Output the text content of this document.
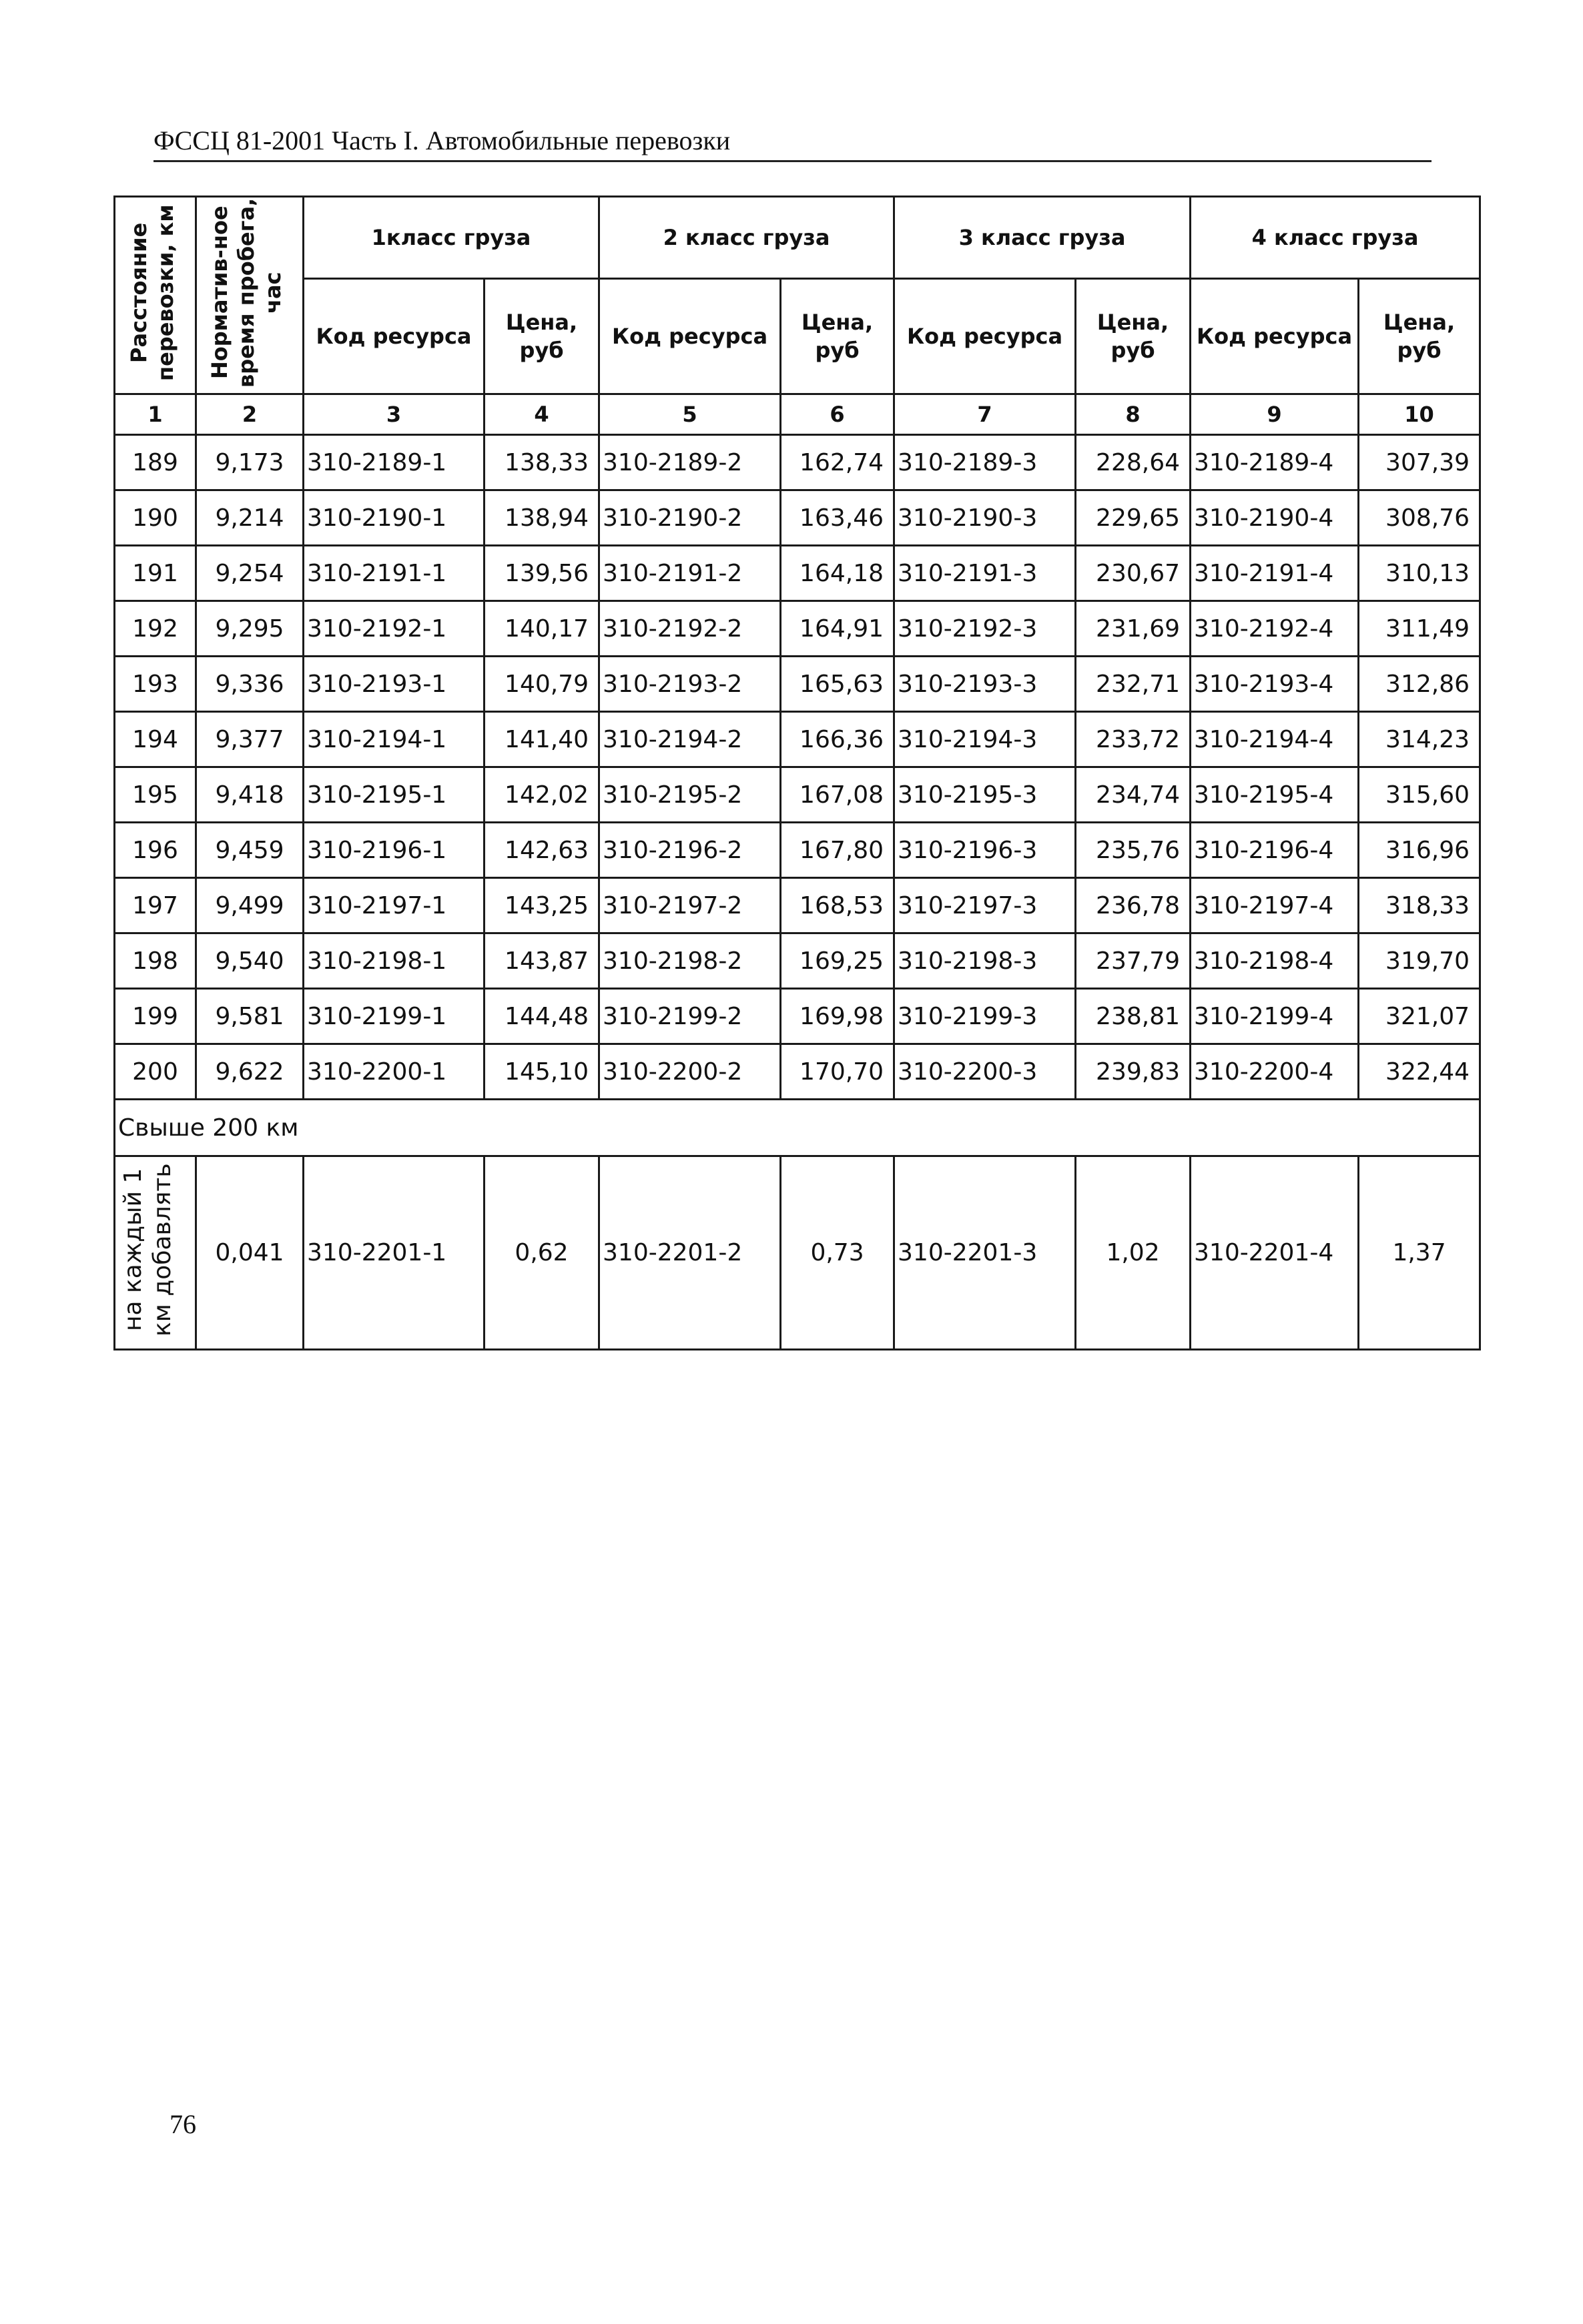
ФССЦ 81-2001 Часть I. Автомобильные перевозки
Расстояние перевозки, км	Норматив-ное время пробега, час	1класс груза		2 класс груза		3 класс груза		4 класс груза	
		Код ресурса	Цена, руб	Код ресурса	Цена, руб	Код ресурса	Цена, руб	Код ресурса	Цена, руб
1	2	3	4	5	6	7	8	9	10
189	9,173	310-2189-1	138,33	310-2189-2	162,74	310-2189-3	228,64	310-2189-4	307,39
190	9,214	310-2190-1	138,94	310-2190-2	163,46	310-2190-3	229,65	310-2190-4	308,76
191	9,254	310-2191-1	139,56	310-2191-2	164,18	310-2191-3	230,67	310-2191-4	310,13
192	9,295	310-2192-1	140,17	310-2192-2	164,91	310-2192-3	231,69	310-2192-4	311,49
193	9,336	310-2193-1	140,79	310-2193-2	165,63	310-2193-3	232,71	310-2193-4	312,86
194	9,377	310-2194-1	141,40	310-2194-2	166,36	310-2194-3	233,72	310-2194-4	314,23
195	9,418	310-2195-1	142,02	310-2195-2	167,08	310-2195-3	234,74	310-2195-4	315,60
196	9,459	310-2196-1	142,63	310-2196-2	167,80	310-2196-3	235,76	310-2196-4	316,96
197	9,499	310-2197-1	143,25	310-2197-2	168,53	310-2197-3	236,78	310-2197-4	318,33
198	9,540	310-2198-1	143,87	310-2198-2	169,25	310-2198-3	237,79	310-2198-4	319,70
199	9,581	310-2199-1	144,48	310-2199-2	169,98	310-2199-3	238,81	310-2199-4	321,07
200	9,622	310-2200-1	145,10	310-2200-2	170,70	310-2200-3	239,83	310-2200-4	322,44
Свыше 200 км									
на каждый 1 км добавлять	0,041	310-2201-1	0,62	310-2201-2	0,73	310-2201-3	1,02	310-2201-4	1,37
76
